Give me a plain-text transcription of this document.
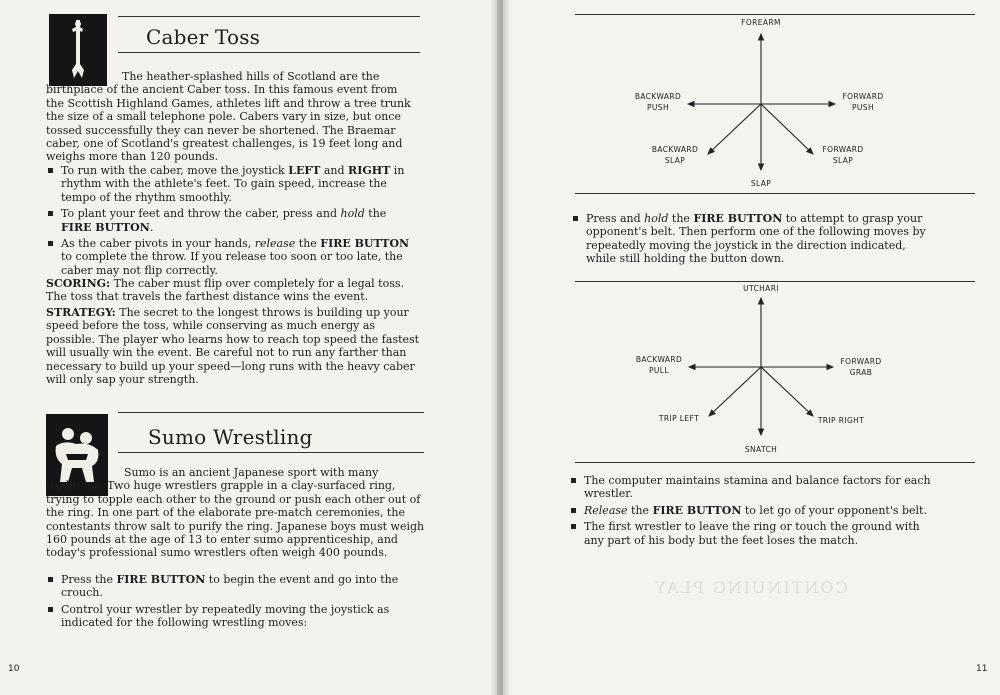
Caber Toss

The heather-splashed hills of Scotland are the birthplace of the ancient Caber toss. In this famous event from the Scottish Highland Games, athletes lift and throw a tree trunk the size of a small telephone pole. Cabers vary in size, but once tossed successfully they can never be shortened. The Braemar caber, one of Scotland's greatest challenges, is 19 feet long and weighs more than 120 pounds.

To run with the caber, move the joystick LEFT and RIGHT in rhythm with the athlete's feet. To gain speed, increase the tempo of the rhythm smoothly.
To plant your feet and throw the caber, press and hold the FIRE BUTTON.
As the caber pivots in your hands, release the FIRE BUTTON to complete the throw. If you release too soon or too late, the caber may not flip correctly.

SCORING: The caber must flip over completely for a legal toss. The toss that travels the farthest distance wins the event.

STRATEGY: The secret to the longest throws is building up your speed before the toss, while conserving as much energy as possible. The player who learns how to reach top speed the fastest will usually win the event. Be careful not to run any farther than necessary to build up your speed—long runs with the heavy caber will only sap your strength.

Sumo Wrestling

Sumo is an ancient Japanese sport with many traditions. Two huge wrestlers grapple in a clay-surfaced ring, trying to topple each other to the ground or push each other out of the ring. In one part of the elaborate pre-match ceremonies, the contestants throw salt to purify the ring. Japanese boys must weigh 160 pounds at the age of 13 to enter sumo apprenticeship, and today's professional sumo wrestlers often weigh 400 pounds.

Press the FIRE BUTTON to begin the event and go into the crouch.
Control your wrestler by repeatedly moving the joystick as indicated for the following wrestling moves:
10
CONTINUING PLAY
FOREARM
BACKWARD
PUSH
FORWARD
PUSH
BACKWARD
SLAP
FORWARD
SLAP
SLAP
Press and hold the FIRE BUTTON to attempt to grasp your opponent's belt. Then perform one of the following moves by repeatedly moving the joystick in the direction indicated, while still holding the button down.
UTCHARI
BACKWARD
PULL
FORWARD
GRAB
TRIP LEFT	TRIP RIGHT
SNATCH
The computer maintains stamina and balance factors for each wrestler.
Release the FIRE BUTTON to let go of your opponent's belt.
The first wrestler to leave the ring or touch the ground with any part of his body but the feet loses the match.
11
